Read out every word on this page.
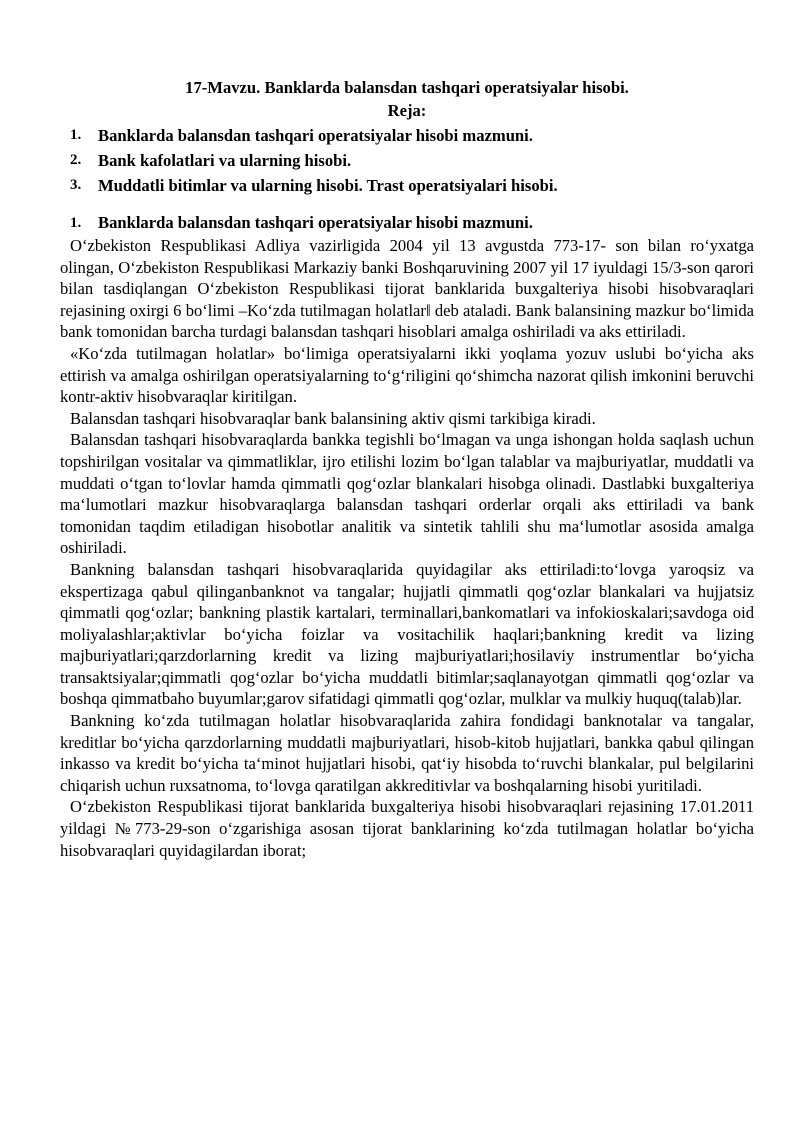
17-Mavzu. Banklarda balansdan tashqari operatsiyalar hisobi.

Reja:

1.	Banklarda balansdan tashqari operatsiyalar hisobi mazmuni.
2.	Bank kafolatlari va ularning hisobi.
3.	Muddatli bitimlar va ularning hisobi. Trast operatsiyalari hisobi.
1.	Banklarda balansdan tashqari operatsiyalar hisobi mazmuni.

O‘zbekiston Respublikasi Adliya vazirligida 2004 yil 13 avgustda 773-17- son bilan ro‘yxatga olingan, O‘zbekiston Respublikasi Markaziy banki Boshqaruvining 2007 yil 17 iyuldagi 15/3-son qarori bilan tasdiqlangan O‘zbekiston Respublikasi tijorat banklarida buxgalteriya hisobi hisobvaraqlari rejasining oxirgi 6 bo‘limi –Ko‘zda tutilmagan holatlar‖ deb ataladi. Bank balansining mazkur bo‘limida bank tomonidan barcha turdagi balansdan tashqari hisoblari amalga oshiriladi va aks ettiriladi.

«Ko‘zda tutilmagan holatlar» bo‘limiga operatsiyalarni ikki yoqlama yozuv uslubi bo‘yicha aks ettirish va amalga oshirilgan operatsiyalarning to‘g‘riligini qo‘shimcha nazorat qilish imkonini beruvchi kontr-aktiv hisobvaraqlar kiritilgan.

Balansdan tashqari hisobvaraqlar bank balansining aktiv qismi tarkibiga kiradi.

Balansdan tashqari hisobvaraqlarda bankka tegishli bo‘lmagan va unga ishongan holda saqlash uchun topshirilgan vositalar va qimmatliklar, ijro etilishi lozim bo‘lgan talablar va majburiyatlar, muddatli va muddati o‘tgan to‘lovlar hamda qimmatli qog‘ozlar blankalari hisobga olinadi. Dastlabki buxgalteriya ma‘lumotlari mazkur hisobvaraqlarga balansdan tashqari orderlar orqali aks ettiriladi va bank tomonidan taqdim etiladigan hisobotlar analitik va sintetik tahlili shu ma‘lumotlar asosida amalga oshiriladi.

Bankning balansdan tashqari hisobvaraqlarida quyidagilar aks ettiriladi:to‘lovga yaroqsiz va ekspertizaga qabul qilinganbanknot va tangalar; hujjatli qimmatli qog‘ozlar blankalari va hujjatsiz qimmatli qog‘ozlar; bankning plastik kartalari, terminallari,bankomatlari va infokioskalari;savdoga oid moliyalashlar;aktivlar bo‘yicha foizlar va vositachilik haqlari;bankning kredit va lizing majburiyatlari;qarzdorlarning kredit va lizing majburiyatlari;hosilaviy instrumentlar bo‘yicha transaktsiyalar;qimmatli qog‘ozlar bo‘yicha muddatli bitimlar;saqlanayotgan qimmatli qog‘ozlar va boshqa qimmatbaho buyumlar;garov sifatidagi qimmatli qog‘ozlar, mulklar va mulkiy huquq(talab)lar.

Bankning ko‘zda tutilmagan holatlar hisobvaraqlarida zahira fondidagi banknotalar va tangalar, kreditlar bo‘yicha qarzdorlarning muddatli majburiyatlari, hisob-kitob hujjatlari, bankka qabul qilingan inkasso va kredit bo‘yicha ta‘minot hujjatlari hisobi, qat‘iy hisobda to‘ruvchi blankalar, pul belgilarini chiqarish uchun ruxsatnoma, to‘lovga qaratilgan akkreditivlar va boshqalarning hisobi yuritiladi.

O‘zbekiston Respublikasi tijorat banklarida buxgalteriya hisobi hisobvaraqlari rejasining 17.01.2011 yildagi №773-29-son o‘zgarishiga asosan tijorat banklarining ko‘zda tutilmagan holatlar bo‘yicha hisobvaraqlari quyidagilardan iborat;
